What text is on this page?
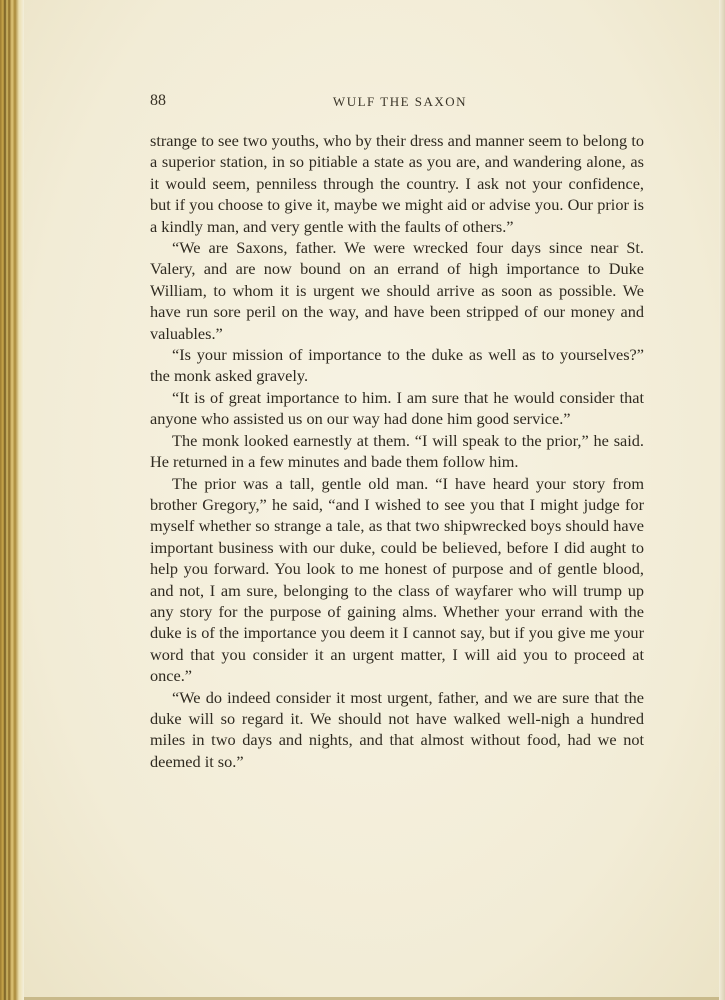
88	WULF THE SAXON

strange to see two youths, who by their dress and manner seem to belong to a superior station, in so pitiable a state as you are, and wandering alone, as it would seem, penniless through the country. I ask not your confidence, but if you choose to give it, maybe we might aid or advise you. Our prior is a kindly man, and very gentle with the faults of others.”

“We are Saxons, father. We were wrecked four days since near St. Valery, and are now bound on an errand of high importance to Duke William, to whom it is urgent we should arrive as soon as possible. We have run sore peril on the way, and have been stripped of our money and valuables.”

“Is your mission of importance to the duke as well as to yourselves?” the monk asked gravely.

“It is of great importance to him. I am sure that he would consider that anyone who assisted us on our way had done him good service.”

The monk looked earnestly at them. “I will speak to the prior,” he said. He returned in a few minutes and bade them follow him.

The prior was a tall, gentle old man. “I have heard your story from brother Gregory,” he said, “and I wished to see you that I might judge for myself whether so strange a tale, as that two shipwrecked boys should have important business with our duke, could be believed, before I did aught to help you forward. You look to me honest of purpose and of gentle blood, and not, I am sure, belonging to the class of wayfarer who will trump up any story for the purpose of gaining alms. Whether your errand with the duke is of the importance you deem it I cannot say, but if you give me your word that you consider it an urgent matter, I will aid you to proceed at once.”

“We do indeed consider it most urgent, father, and we are sure that the duke will so regard it. We should not have walked well-nigh a hundred miles in two days and nights, and that almost without food, had we not deemed it so.”
